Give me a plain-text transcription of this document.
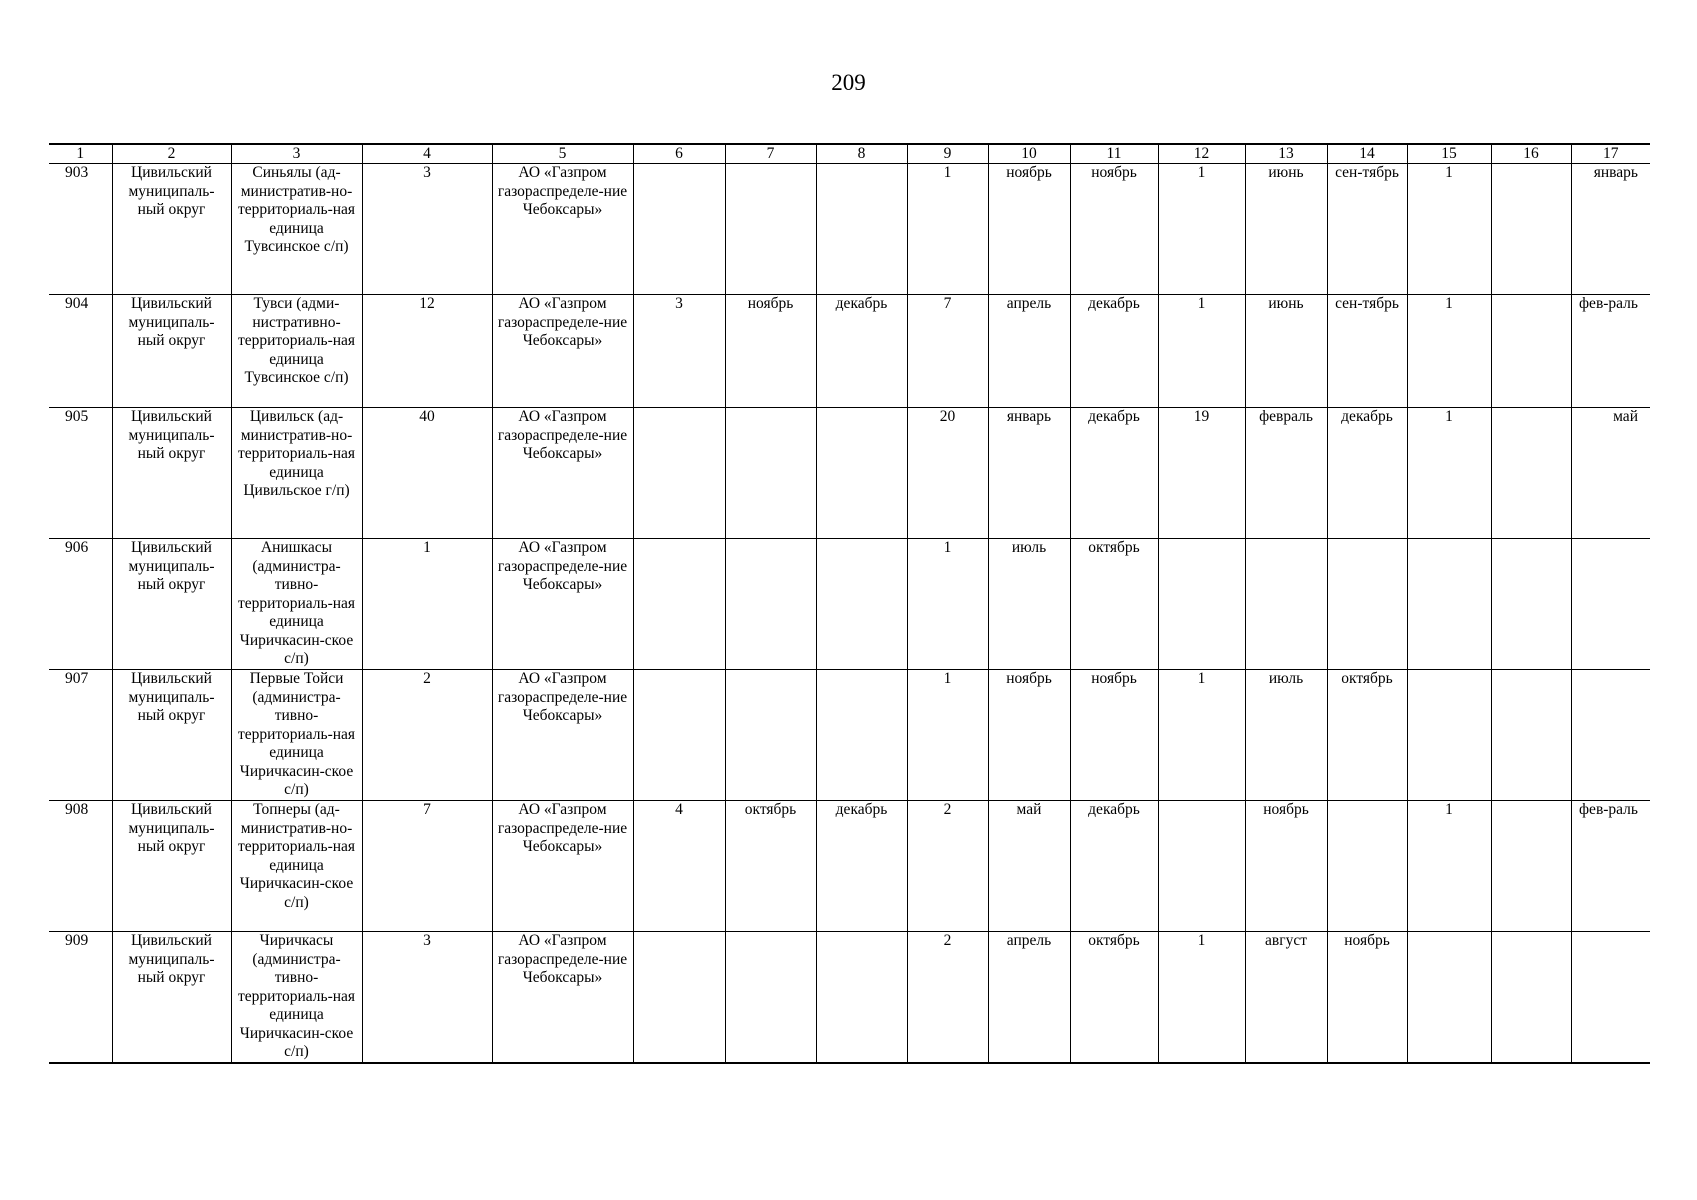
209
1	2	3	4	5	6	7	8	9	10	11	12	13	14	15	16	17
903	Цивильский муниципаль-ный округ	Синьялы (ад-министратив-но-территориаль-ная единица Тувсинское с/п)	3	АО «Газпром газораспределе-ние Чебоксары»				1	ноябрь	ноябрь	1	июнь	сен-тябрь	1		январь
904	Цивильский муниципаль-ный округ	Тувси (адми-нистративно-территориаль-ная единица Тувсинское с/п)	12	АО «Газпром газораспределе-ние Чебоксары»	3	ноябрь	декабрь	7	апрель	декабрь	1	июнь	сен-тябрь	1		фев-раль
905	Цивильский муниципаль-ный округ	Цивильск (ад-министратив-но-территориаль-ная единица Цивильское г/п)	40	АО «Газпром газораспределе-ние Чебоксары»				20	январь	декабрь	19	февраль	декабрь	1		май
906	Цивильский муниципаль-ный округ	Анишкасы (администра-тивно-территориаль-ная единица Чиричкасин-ское с/п)	1	АО «Газпром газораспределе-ние Чебоксары»				1	июль	октябрь						
907	Цивильский муниципаль-ный округ	Первые Тойси (администра-тивно-территориаль-ная единица Чиричкасин-ское с/п)	2	АО «Газпром газораспределе-ние Чебоксары»				1	ноябрь	ноябрь	1	июль	октябрь			
908	Цивильский муниципаль-ный округ	Топнеры (ад-министратив-но-территориаль-ная единица Чиричкасин-ское с/п)	7	АО «Газпром газораспределе-ние Чебоксары»	4	октябрь	декабрь	2	май	декабрь		ноябрь		1		фев-раль
909	Цивильский муниципаль-ный округ	Чиричкасы (администра-тивно-территориаль-ная единица Чиричкасин-ское с/п)	3	АО «Газпром газораспределе-ние Чебоксары»				2	апрель	октябрь	1	август	ноябрь			
